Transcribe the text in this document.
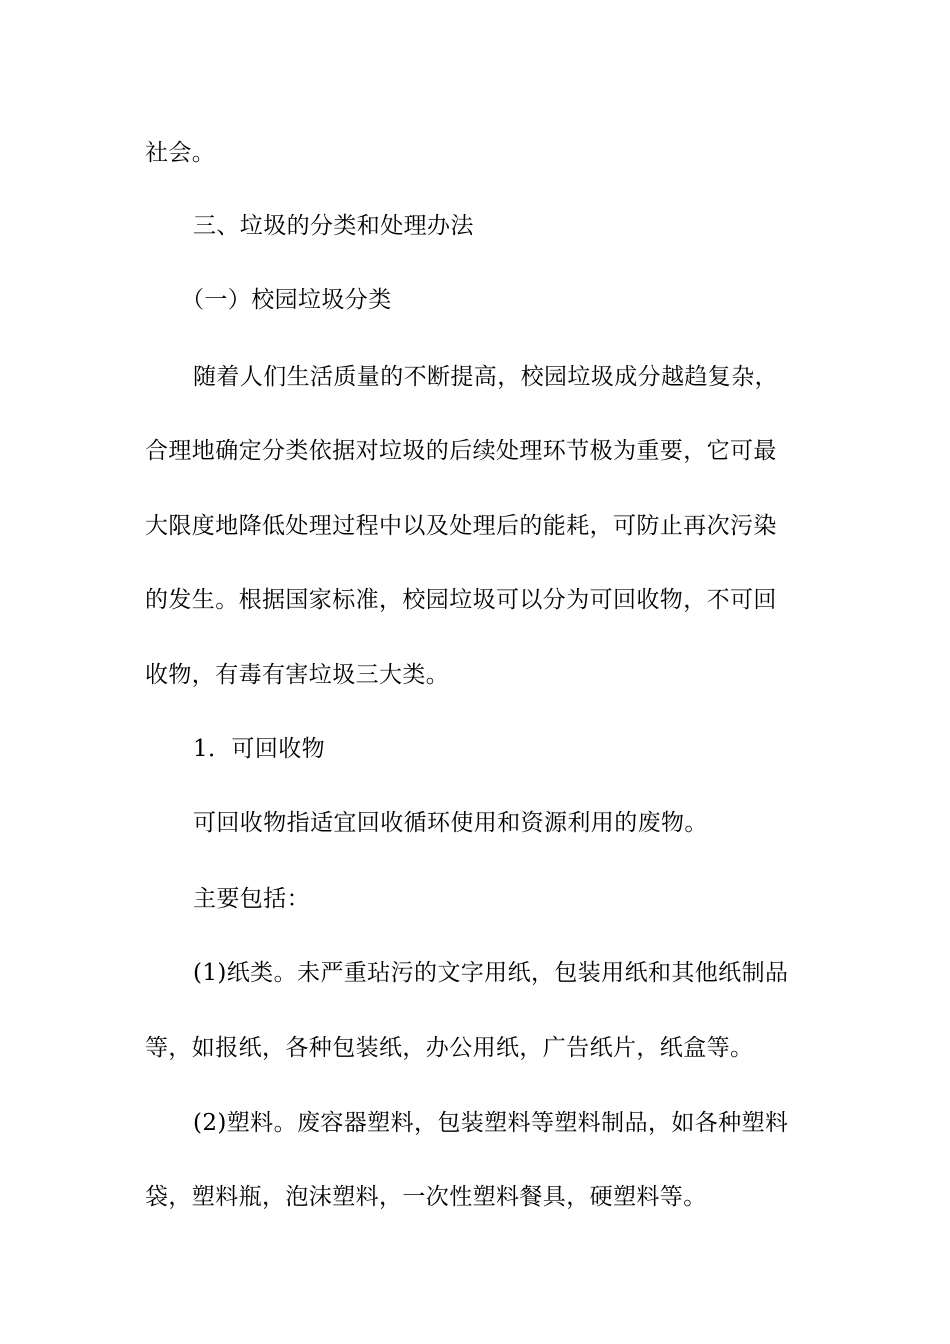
社会。
三、垃圾的分类和处理办法
（一）校园垃圾分类
随着人们生活质量的不断提高，校园垃圾成分越趋复杂，
合理地确定分类依据对垃圾的后续处理环节极为重要，它可最
大限度地降低处理过程中以及处理后的能耗，可防止再次污染
的发生。根据国家标准，校园垃圾可以分为可回收物，不可回
收物，有毒有害垃圾三大类。
1．可回收物
可回收物指适宜回收循环使用和资源利用的废物。
主要包括：
(1)纸类。未严重玷污的文字用纸，包装用纸和其他纸制品
等，如报纸，各种包装纸，办公用纸，广告纸片，纸盒等。
(2)塑料。废容器塑料，包装塑料等塑料制品，如各种塑料
袋，塑料瓶，泡沫塑料，一次性塑料餐具，硬塑料等。
